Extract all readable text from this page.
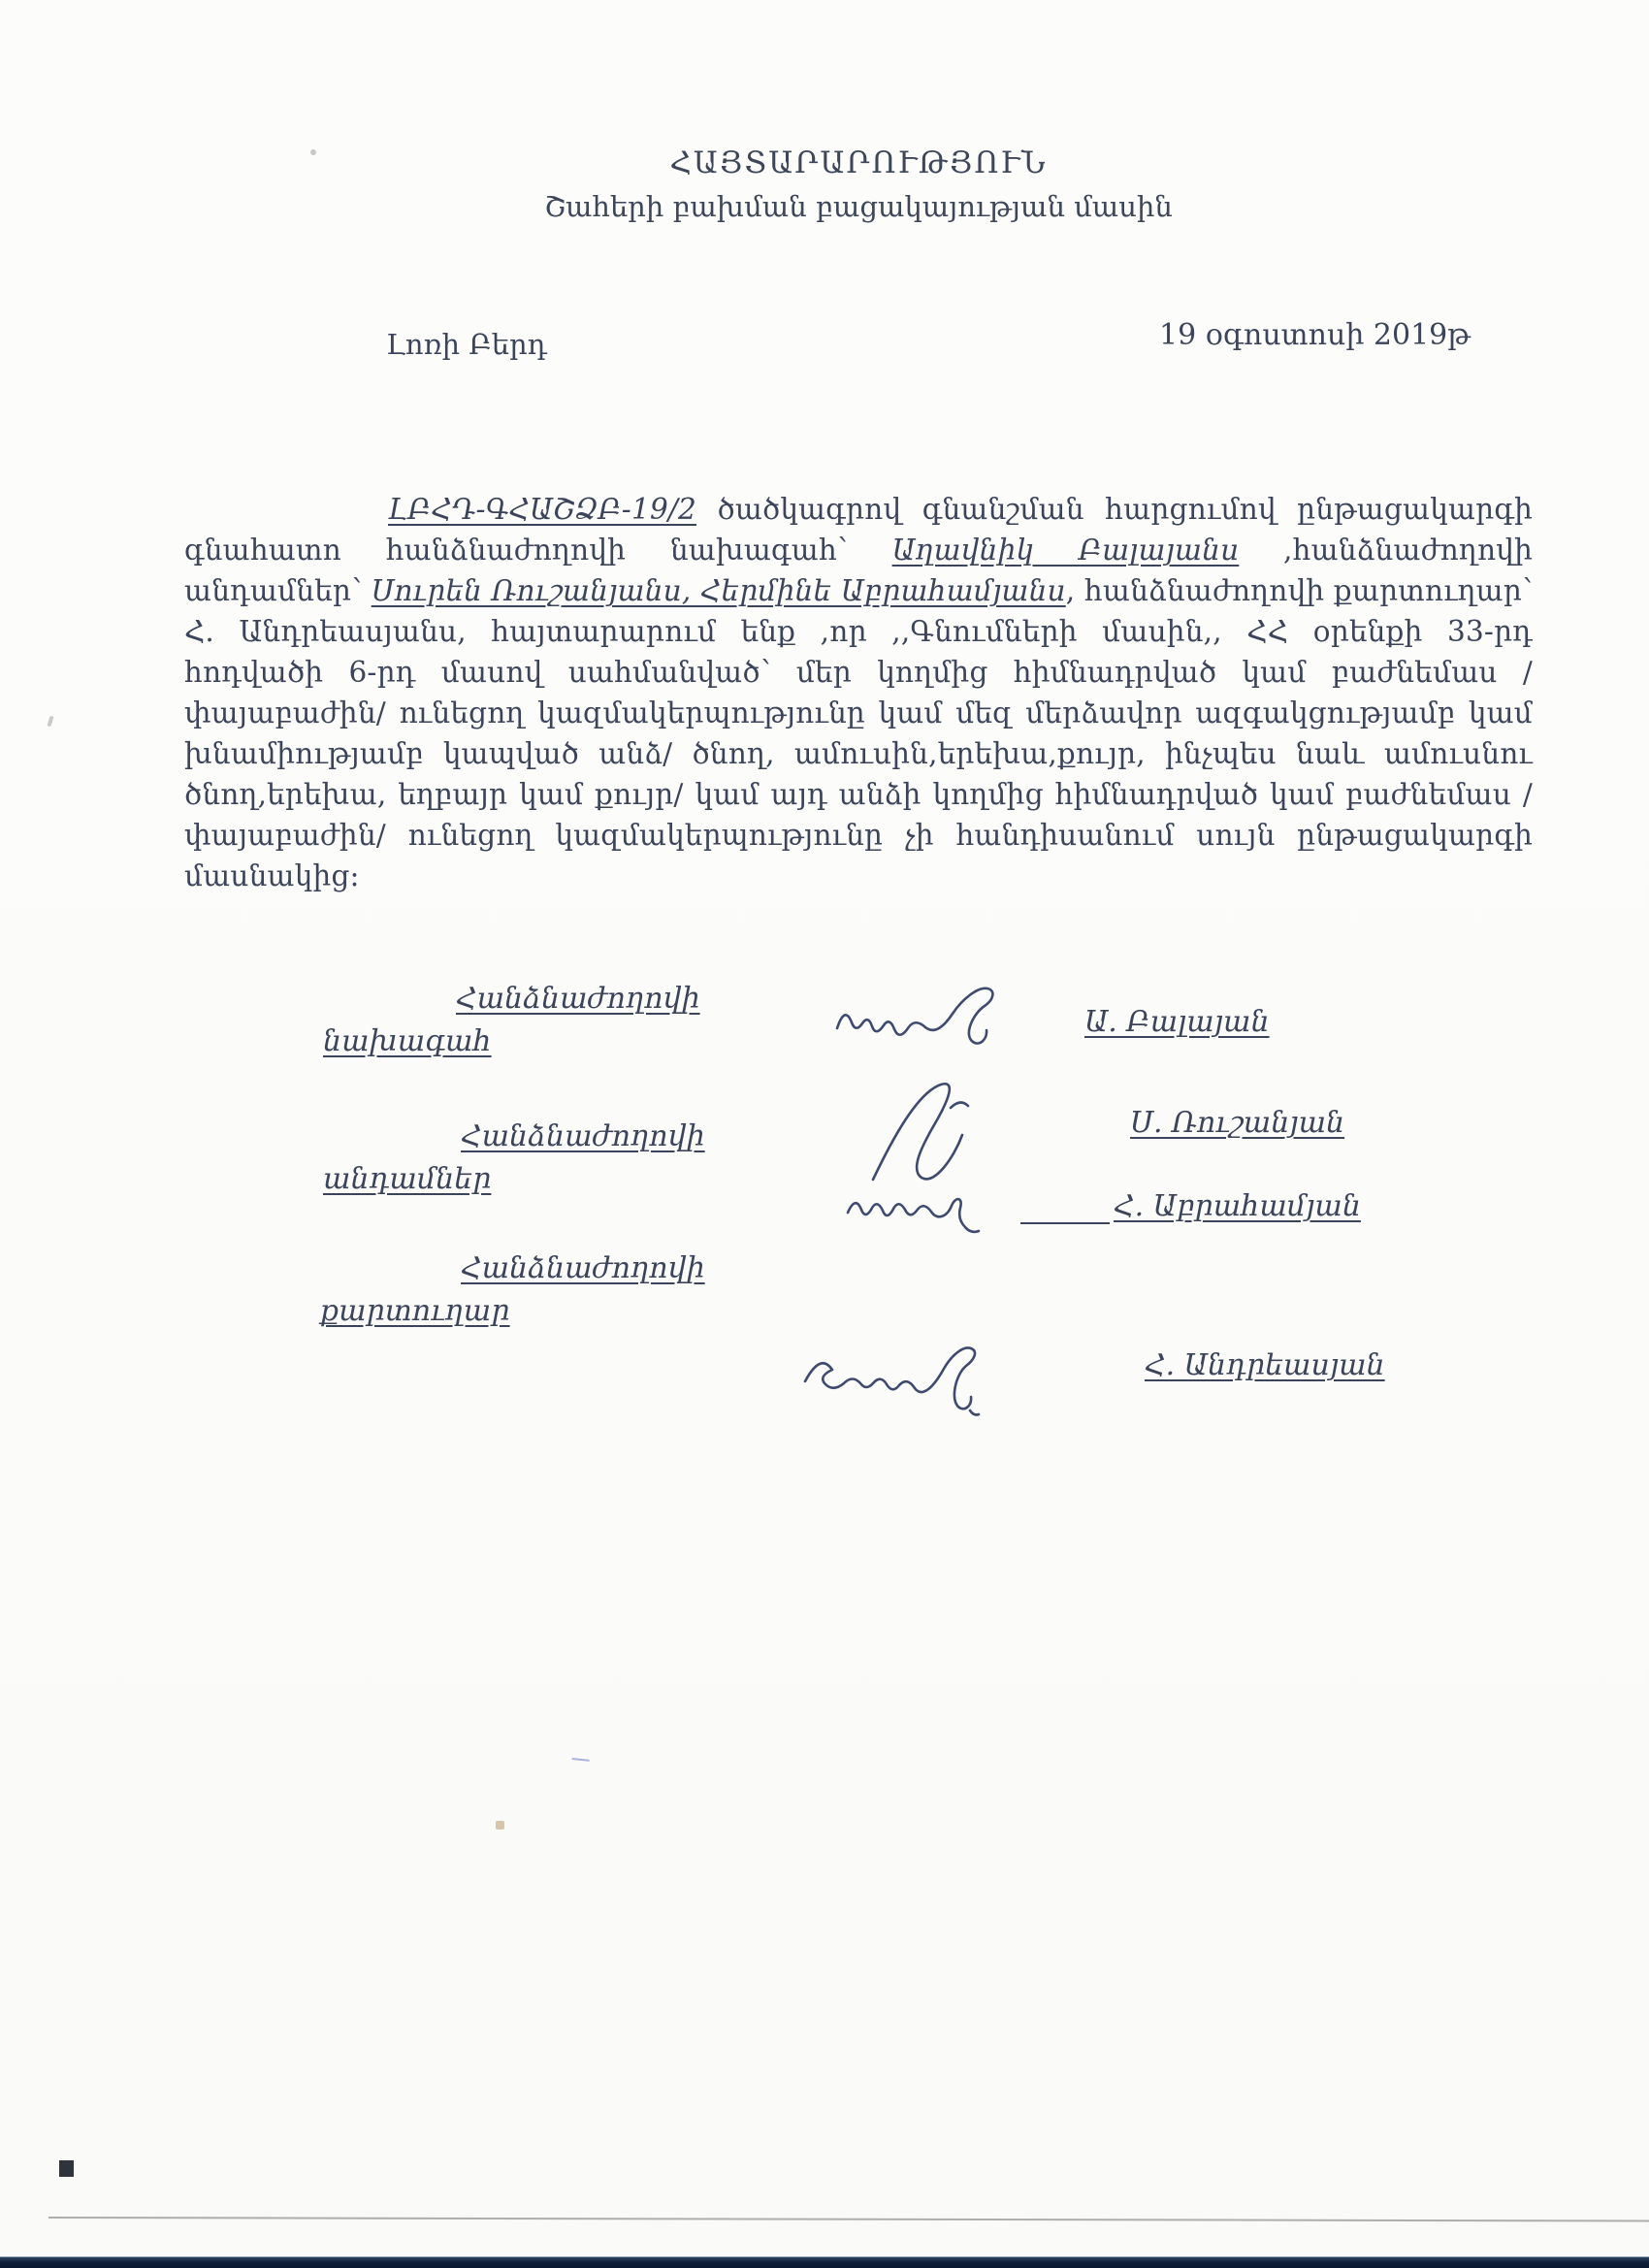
ՀԱՅՏԱՐԱՐՈՒԹՅՈՒՆ
Շահերի բախման բացակայության մասին
Լոռի Բերդ	19 օգոստոսի 2019թ

ԼԲՀԴ-ԳՀԱՇՁԲ-19/2 ծածկագրով գնանշման հարցումով ընթացակարգի գնահատո հանձնաժողովի նախագահ՝ Աղավնիկ Բալայանս ,հանձնաժողովի անդամներ՝ Սուրեն Ռուշանյանս, Հերմինե Աբրահամյանս, հանձնաժողովի քարտուղար՝ Հ. Անդրեասյանս, հայտարարում ենք ,որ ,,Գնումների մասին,, ՀՀ օրենքի 33-րդ հոդվածի 6-րդ մասով սահմանված՝ մեր կողմից հիմնադրված կամ բաժնեմաս /փայաբաժին/ ունեցող կազմակերպությունը կամ մեզ մերձավոր ազգակցությամբ կամ խնամիությամբ կապված անձ/ ծնող, ամուսին,երեխա,քույր, ինչպես նաև ամուսնու ծնող,երեխա, եղբայր կամ քույր/ կամ այդ անձի կողմից հիմնադրված կամ բաժնեմաս /փայաբաժին/ ունեցող կազմակերպությունը չի հանդիսանում սույն ընթացակարգի մասնակից:

Հանձնաժողովի
նախագահ
Ա. Բալայան
Հանձնաժողովի
անդամներ
Ս. Ռուշանյան
Հ. Աբրահամյան
Հանձնաժողովի
քարտուղար
Հ. Անդրեասյան
